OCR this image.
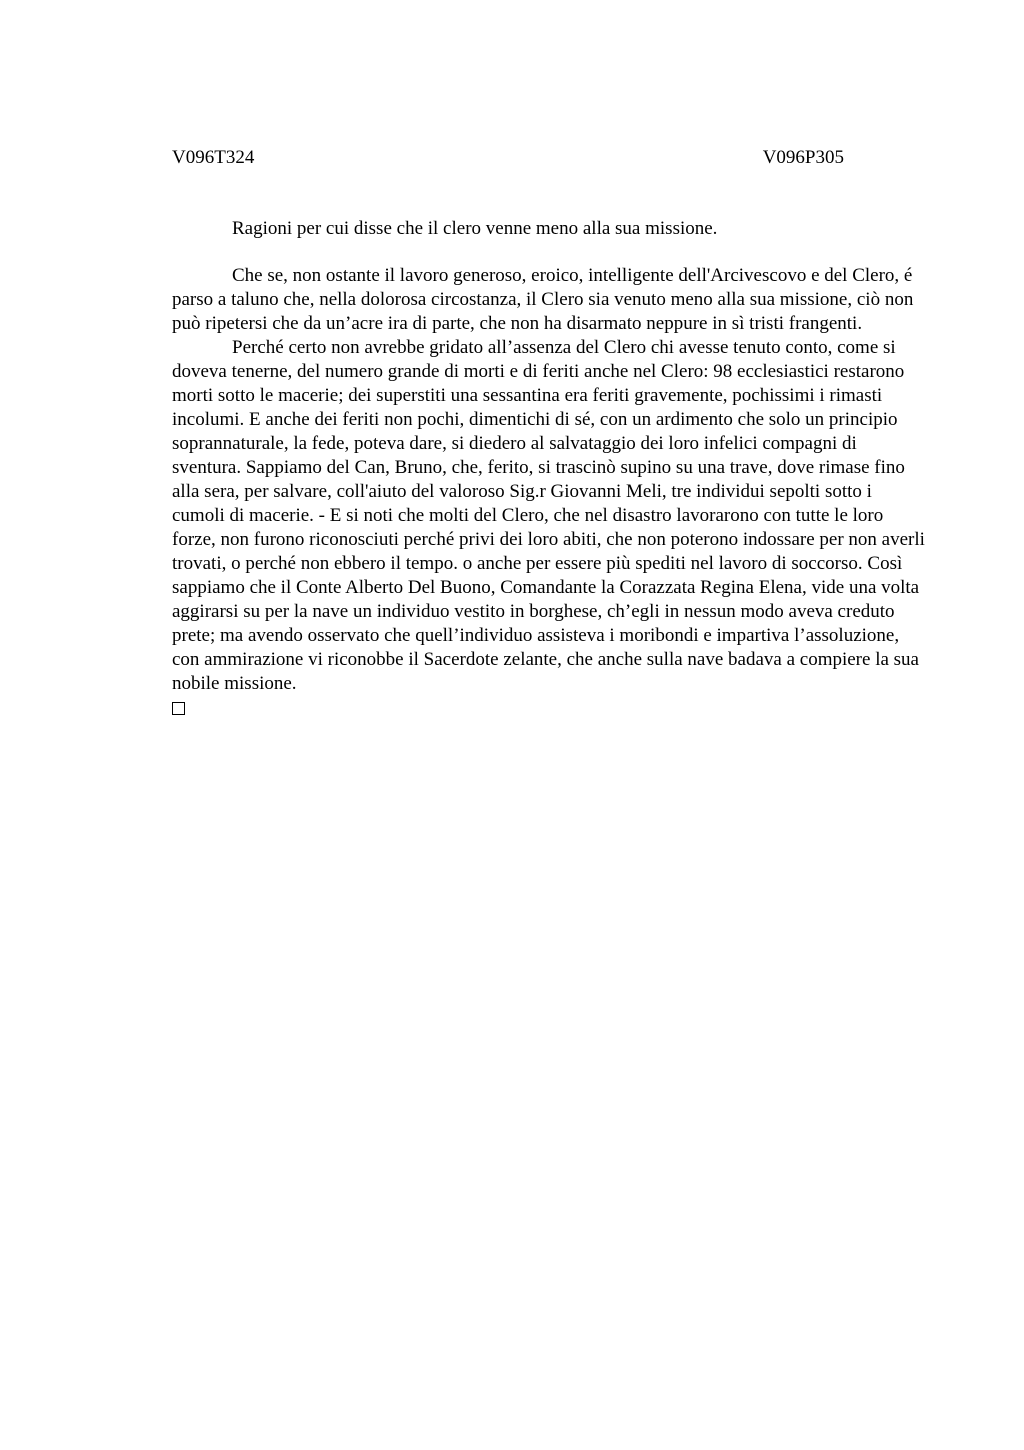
V096T324	V096P305

Ragioni per cui disse che il clero venne meno alla sua missione.

Che se, non ostante il lavoro generoso, eroico, intelligente dell'Arcivescovo e del Clero, é parso a taluno che, nella dolorosa circostanza, il Clero sia venuto meno alla sua missione, ciò non può ripetersi che da un’acre ira di parte, che non ha disarmato neppure in sì tristi frangenti.

Perché certo non avrebbe gridato all’assenza del Clero chi avesse tenuto conto, come si doveva tenerne, del numero grande di morti e di feriti anche nel Clero: 98 ecclesiastici restarono morti sotto le macerie; dei superstiti una sessantina era feriti gravemente, pochissimi i rimasti incolumi. E anche dei feriti non pochi, dimentichi di sé, con un ardimento che solo un principio soprannaturale, la fede, poteva dare, si diedero al salvataggio dei loro infelici compagni di sventura. Sappiamo del Can, Bruno, che, ferito, si trascinò supino su una trave, dove rimase fino alla sera, per salvare, coll'aiuto del valoroso Sig.r Giovanni Meli, tre individui sepolti sotto i cumoli di macerie. - E si noti che molti del Clero, che nel disastro lavorarono con tutte le loro forze, non furono riconosciuti perché privi dei loro abiti, che non poterono indossare per non averli trovati, o perché non ebbero il tempo. o anche per essere più spediti nel lavoro di soccorso. Così sappiamo che il Conte Alberto Del Buono, Comandante la Corazzata Regina Elena, vide una volta aggirarsi su per la nave un individuo vestito in borghese, ch’egli in nessun modo aveva creduto prete; ma avendo osservato che quell’individuo assisteva i moribondi e impartiva l’assoluzione, con ammirazione vi riconobbe il Sacerdote zelante, che anche sulla nave badava a compiere la sua nobile missione.
